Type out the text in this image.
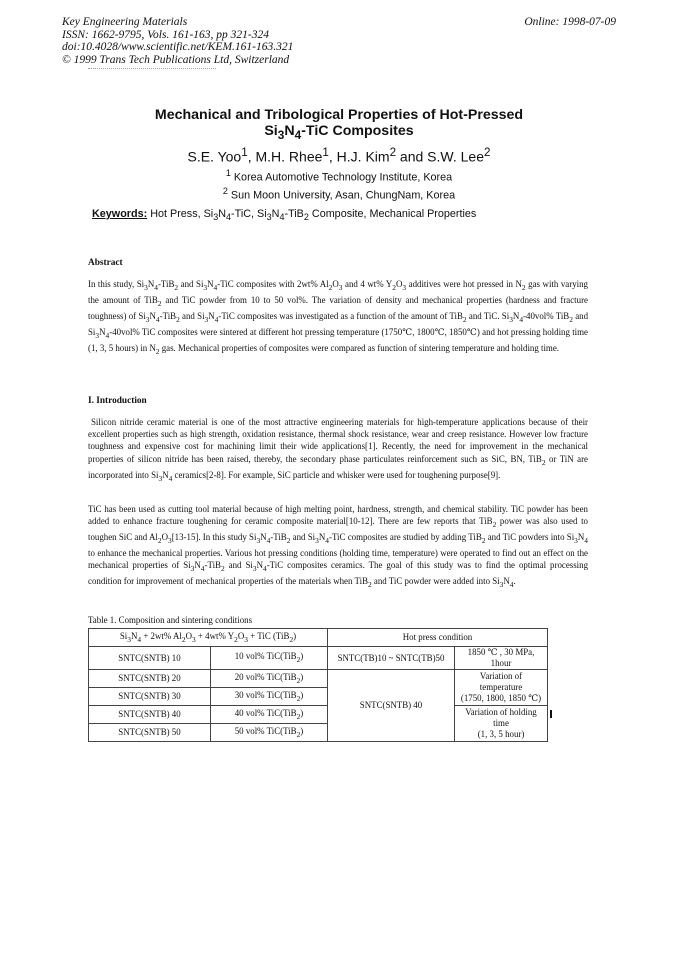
Key Engineering Materials
ISSN: 1662-9795, Vols. 161-163, pp 321-324
doi:10.4028/www.scientific.net/KEM.161-163.321
© 1999 Trans Tech Publications Ltd, Switzerland
Online: 1998-07-09
Mechanical and Tribological Properties of Hot-Pressed
$Si_3N_4$-TiC Composites
S.E. Yoo$^1$, M.H. Rhee$^1$, H.J. Kim$^2$ and S.W. Lee$^2$
$^1$ Korea Automotive Technology Institute, Korea
$^2$ Sun Moon University, Asan, ChungNam, Korea
Keywords: Hot Press, $Si_3N_4$-TiC, $Si_3N_4-TiB_2$ Composite, Mechanical Properties
Abstract
In this study, $Si_3N_4-TiB_2$ and $Si_3N_4$-TiC composites with 2wt% $Al_2O_3$ and 4 wt% $Y_2O_3$ additives were hot pressed in $N_2$ gas with varying the amount of TiB$_2$ and TiC powder from 10 to 50 vol%. The variation of density and mechanical properties (hardness and fracture toughness) of $Si_3N_4-TiB_2$ and $Si_3N_4$-TiC composites was investigated as a function of the amount of TiB$_2$ and TiC. $Si_3N_4-40vol\%$ TiB$_2$ and $Si_3N_4-40vol\%$ TiC composites were sintered at different hot pressing temperature (1750℃, 1800℃, 1850℃) and hot pressing holding time (1, 3, 5 hours) in $N_2$ gas. Mechanical properties of composites were compared as function of sintering temperature and holding time.
I. Introduction
Silicon nitride ceramic material is one of the most attractive engineering materials for high-temperature applications because of their excellent properties such as high strength, oxidation resistance, thermal shock resistance, wear and creep resistance. However low fracture toughness and expensive cost for machining limit their wide applications[1]. Recently, the need for improvement in the mechanical properties of silicon nitride has been raised, thereby, the secondary phase particulates reinforcement such as SiC, BN, TiB$_2$ or TiN are incorporated into $Si_3N_4$ ceramics[2-8]. For example, SiC particle and whisker were used for toughening purpose[9].
TiC has been used as cutting tool material because of high melting point, hardness, strength, and chemical stability. TiC powder has been added to enhance fracture toughening for ceramic composite material[10-12]. There are few reports that TiB$_2$ power was also used to toughen SiC and $Al_2O_3[13-15]$. In this study $Si_3N_4-TiB_2$ and $Si_3N_4$-TiC composites are studied by adding TiB$_2$ and TiC powders into $Si_3N_4$ to enhance the mechanical properties. Various hot pressing conditions (holding time, temperature) were operated to find out an effect on the mechanical properties of $Si_3N_4-TiB_2$ and $Si_3N_4$-TiC composites ceramics. The goal of this study was to find the optimal processing condition for improvement of mechanical properties of the materials when TiB$_2$ and TiC powder were added into $Si_3N_4$.
Table 1. Composition and sintering conditions
$Si_3N_4 + 2wt\%$ $Al_2O_3 + 4wt\%$ $Y_2O_3$ + TiC (TiB$_2$)		Hot press condition	
SNTC(SNTB) 10	10 vol% TiC(TiB$_2$)	SNTC(TB)10 ~ SNTC(TB)50	1850 ℃ , 30 MPa, 1hour
SNTC(SNTB) 20	20 vol% TiC(TiB$_2$)	SNTC(SNTB) 40	Variation of temperature
(1750, 1800, 1850 ℃)

SNTC(SNTB) 30	30 vol% TiC(TiB$_2$)		
SNTC(SNTB) 40	40 vol% TiC(TiB$_2$)		Variation of holding time
(1, 3, 5 hour)

SNTC(SNTB) 50	50 vol% TiC(TiB$_2$)		
